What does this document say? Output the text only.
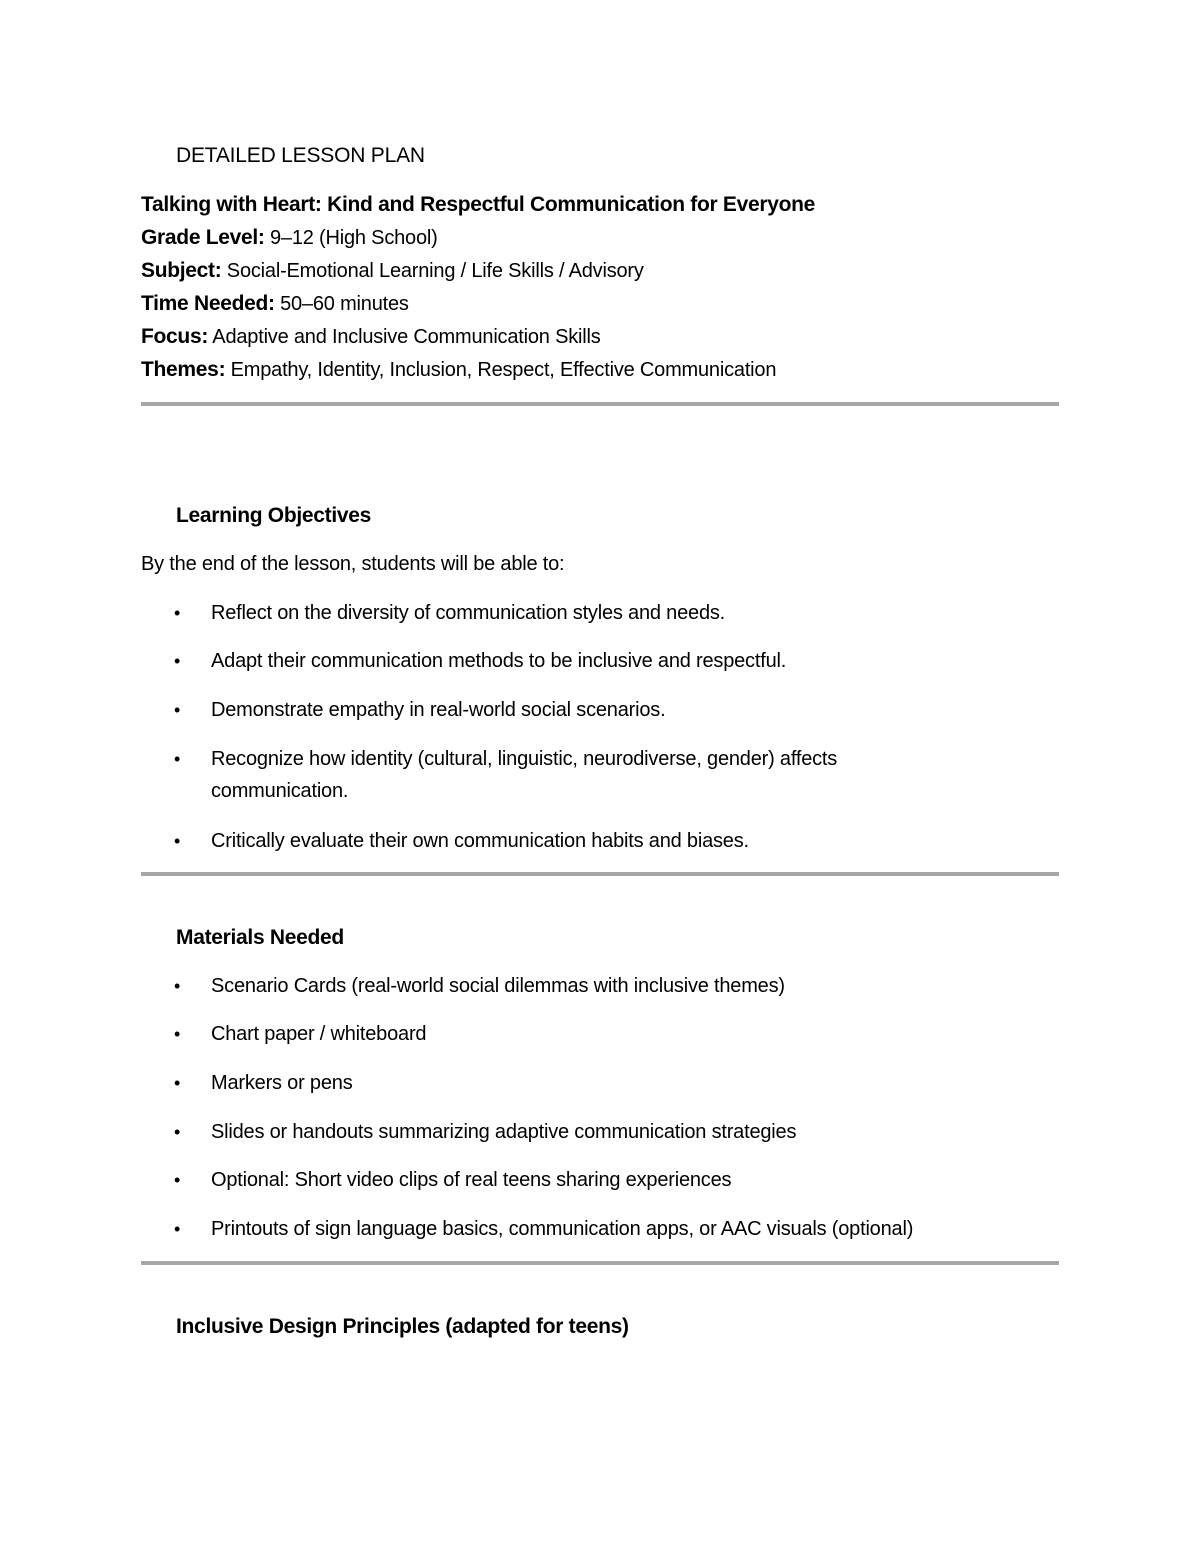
DETAILED LESSON PLAN
Talking with Heart: Kind and Respectful Communication for Everyone
Grade Level: 9–12 (High School)
Subject: Social-Emotional Learning / Life Skills / Advisory
Time Needed: 50–60 minutes
Focus: Adaptive and Inclusive Communication Skills
Themes: Empathy, Identity, Inclusion, Respect, Effective Communication
Learning Objectives
By the end of the lesson, students will be able to:
•	Reflect on the diversity of communication styles and needs.
•	Adapt their communication methods to be inclusive and respectful.
•	Demonstrate empathy in real-world social scenarios.
•	Recognize how identity (cultural, linguistic, neurodiverse, gender) affects communication.
•	Critically evaluate their own communication habits and biases.
Materials Needed
•	Scenario Cards (real-world social dilemmas with inclusive themes)
•	Chart paper / whiteboard
•	Markers or pens
•	Slides or handouts summarizing adaptive communication strategies
•	Optional: Short video clips of real teens sharing experiences
•	Printouts of sign language basics, communication apps, or AAC visuals (optional)
Inclusive Design Principles (adapted for teens)
